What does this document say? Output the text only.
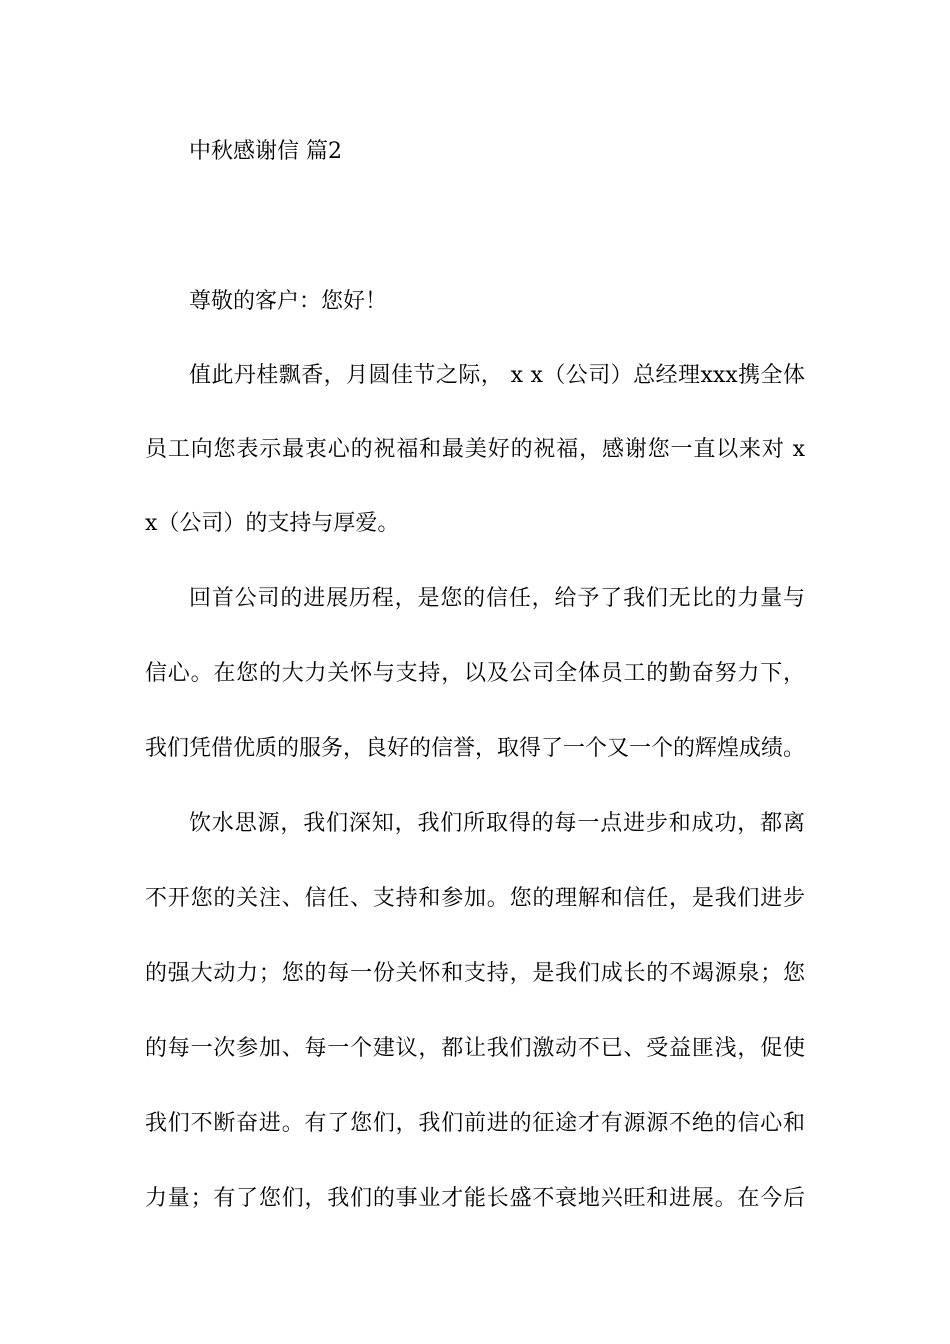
中秋感谢信 篇2
尊敬的客户：您好！
值此丹桂飘香，月圆佳节之际， x x（公司）总经理xxx携全体
员工向您表示最衷心的祝福和最美好的祝福，感谢您一直以来对 x
x（公司）的支持与厚爱。
回首公司的进展历程，是您的信任，给予了我们无比的力量与
信心。在您的大力关怀与支持，以及公司全体员工的勤奋努力下，
我们凭借优质的服务，良好的信誉，取得了一个又一个的辉煌成绩。
饮水思源，我们深知，我们所取得的每一点进步和成功，都离
不开您的关注、信任、支持和参加。您的理解和信任，是我们进步
的强大动力；您的每一份关怀和支持，是我们成长的不竭源泉；您
的每一次参加、每一个建议，都让我们激动不已、受益匪浅，促使
我们不断奋进。有了您们，我们前进的征途才有源源不绝的信心和
力量；有了您们，我们的事业才能长盛不衰地兴旺和进展。在今后
